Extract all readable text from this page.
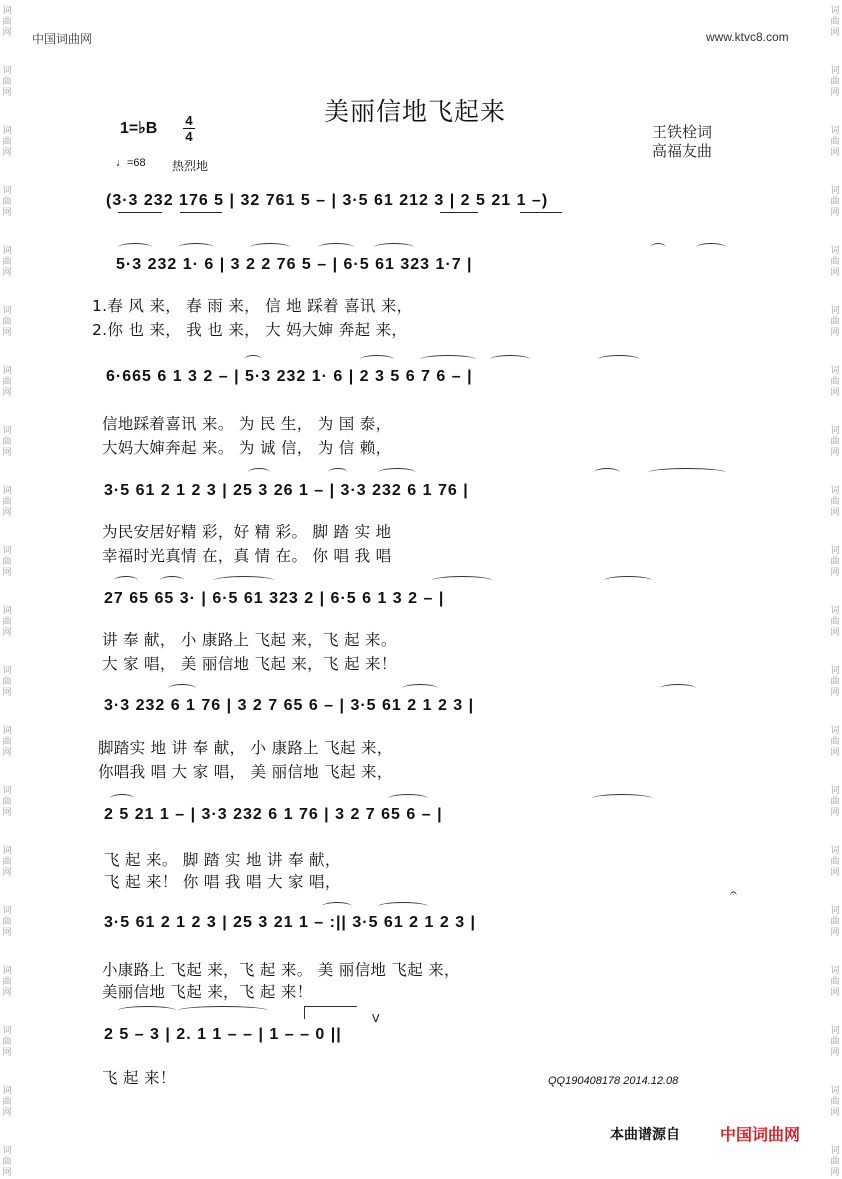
词
曲
网
词
曲
网
词
曲
网
词
曲
网
词
曲
网
词
曲
网
词
曲
网
词
曲
网
词
曲
网
词
曲
网
词
曲
网
词
曲
网
词
曲
网
词
曲
网
词
曲
网
词
曲
网
词
曲
网
词
曲
网
词
曲
网
词
曲
网
词
曲
网
词
曲
网
词
曲
网
词
曲
网
词
曲
网
词
曲
网
词
曲
网
词
曲
网
词
曲
网
词
曲
网
词
曲
网
词
曲
网
词
曲
网
词
曲
网
词
曲
网
词
曲
网
词
曲
网
词
曲
网
词
曲
网
词
曲
网
中国词曲网	www.ktvc8.com
美丽信地飞起来
1=♭B 4
4
♩=68 热烈地
王铁栓词
高福友曲
(3·3 232 176 5 | 32 761 5 – | 3·5 61 212 3 | 2 5 21 1 –)
5·3 232 1· 6 | 3 2 2 76 5 – | 6·5 61 323 1·7 |
1.春 风 来， 春 雨 来， 信 地 踩着 喜讯 来，
2.你 也 来， 我 也 来， 大 妈大婶 奔起 来，
6·665 6 1 3 2 – | 5·3 232 1· 6 | 2 3 5 6 7 6 – |
信地踩着喜讯 来。 为 民 生， 为 国 泰，
大妈大婶奔起 来。 为 诚 信， 为 信 赖，
3·5 61 2 1 2 3 | 25 3 26 1 – | 3·3 232 6 1 76 |
为民安居好精 彩，好 精 彩。 脚 踏 实 地
幸福时光真情 在，真 情 在。 你 唱 我 唱
27 65 65 3· | 6·5 61 323 2 | 6·5 6 1 3 2 – |
讲 奉 献， 小 康路上 飞起 来，飞 起 来。
大 家 唱， 美 丽信地 飞起 来，飞 起 来！
3·3 232 6 1 76 | 3 2 7 65 6 – | 3·5 61 2 1 2 3 |
脚踏实 地 讲 奉 献， 小 康路上 飞起 来，
你唱我 唱 大 家 唱， 美 丽信地 飞起 来，
2 5 21 1 – | 3·3 232 6 1 76 | 3 2 7 65 6 – |
飞 起 来。 脚 踏 实 地 讲 奉 献，
飞 起 来！ 你 唱 我 唱 大 家 唱，
𝄐
3·5 61 2 1 2 3 | 25 3 21 1 – :|| 3·5 61 2 1 2 3 |
小康路上 飞起 来，飞 起 来。 美 丽信地 飞起 来，
美丽信地 飞起 来，飞 起 来！
V
2 5 – 3 | 2. 1 1 – – | 1 – – 0 ||
飞 起 来！	QQ190408178 2014.12.08
本曲谱源自	中国词曲网
